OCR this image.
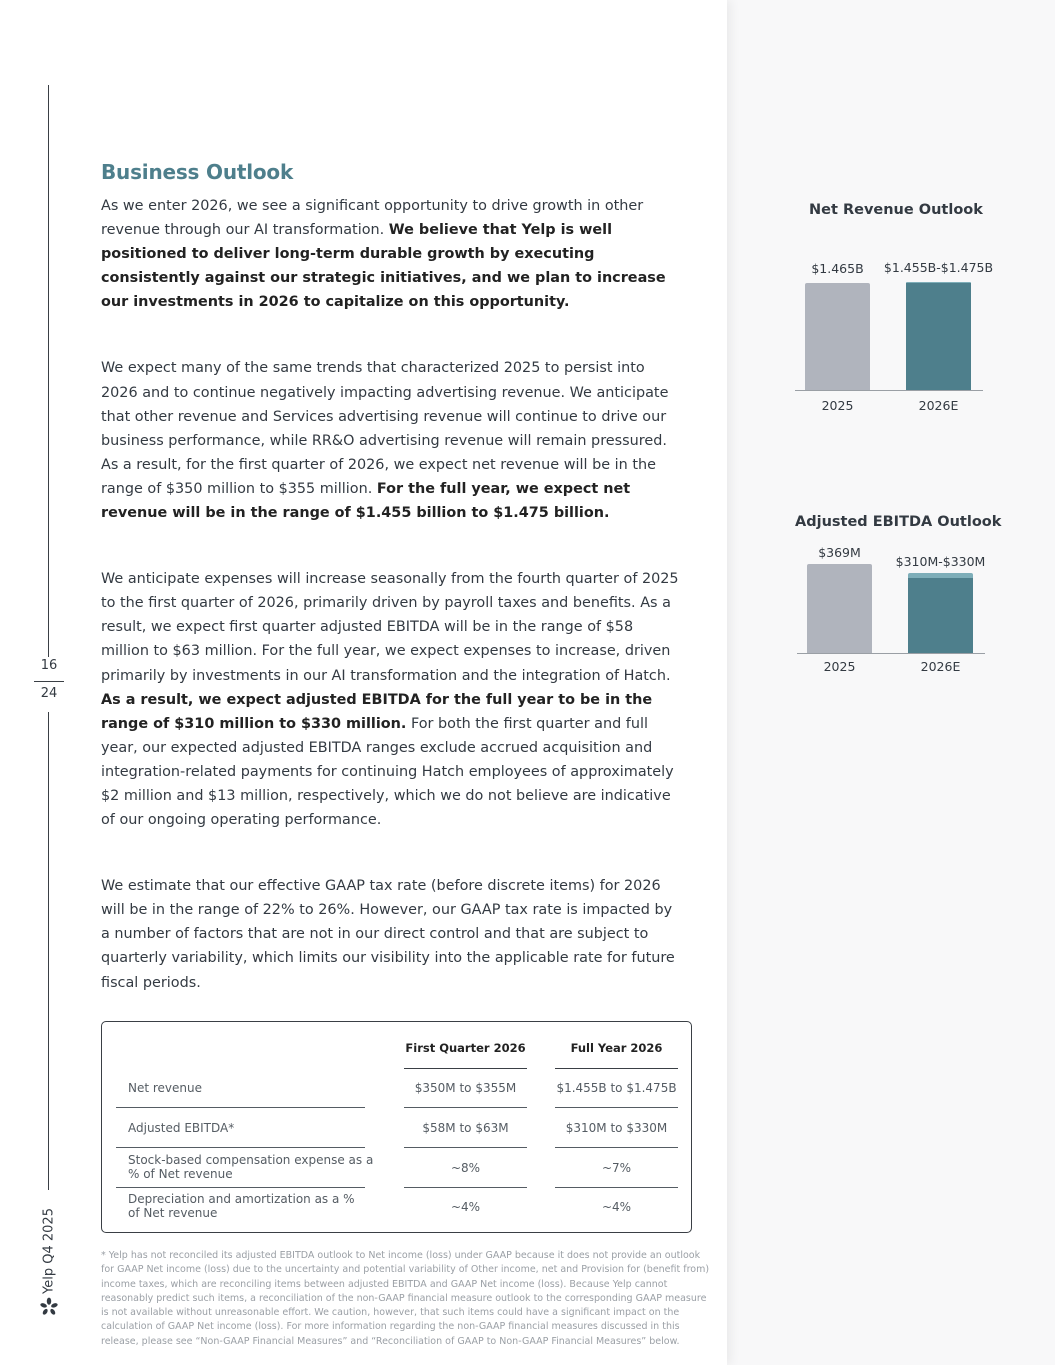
16
24
Yelp Q4 2025
Business Outlook

As we enter 2026, we see a significant opportunity to drive growth in other revenue through our AI transformation. We believe that Yelp is well positioned to deliver long-term durable growth by executing consistently against our strategic initiatives, and we plan to increase our investments in 2026 to capitalize on this opportunity.

We expect many of the same trends that characterized 2025 to persist into 2026 and to continue negatively impacting advertising revenue. We anticipate that other revenue and Services advertising revenue will continue to drive our business performance, while RR&O advertising revenue will remain pressured. As a result, for the first quarter of 2026, we expect net revenue will be in the range of $350 million to $355 million. For the full year, we expect net revenue will be in the range of $1.455 billion to $1.475 billion.

We anticipate expenses will increase seasonally from the fourth quarter of 2025 to the first quarter of 2026, primarily driven by payroll taxes and benefits. As a result, we expect first quarter adjusted EBITDA will be in the range of $58 million to $63 million. For the full year, we expect expenses to increase, driven primarily by investments in our AI transformation and the integration of Hatch. As a result, we expect adjusted EBITDA for the full year to be in the range of $310 million to $330 million. For both the first quarter and full year, our expected adjusted EBITDA ranges exclude accrued acquisition and integration-related payments for continuing Hatch employees of approximately $2 million and $13 million, respectively, which we do not believe are indicative of our ongoing operating performance.

We estimate that our effective GAAP tax rate (before discrete items) for 2026 will be in the range of 22% to 26%. However, our GAAP tax rate is impacted by a number of factors that are not in our direct control and that are subject to quarterly variability, which limits our visibility into the applicable rate for future fiscal periods.

First Quarter 2026	Full Year 2026
Net revenue	$350M to $355M	$1.455B to $1.475B
Adjusted EBITDA*	$58M to $63M	$310M to $330M
Stock-based compensation expense as a
% of Net revenue	~8%	~7%
Depreciation and amortization as a %
of Net revenue	~4%	~4%
* Yelp has not reconciled its adjusted EBITDA outlook to Net income (loss) under GAAP because it does not provide an outlook for GAAP Net income (loss) due to the uncertainty and potential variability of Other income, net and Provision for (benefit from) income taxes, which are reconciling items between adjusted EBITDA and GAAP Net income (loss). Because Yelp cannot reasonably predict such items, a reconciliation of the non-GAAP financial measure outlook to the corresponding GAAP measure is not available without unreasonable effort. We caution, however, that such items could have a significant impact on the calculation of GAAP Net income (loss). For more information regarding the non-GAAP financial measures discussed in this release, please see “Non-GAAP Financial Measures” and “Reconciliation of GAAP to Non-GAAP Financial Measures” below.
Net Revenue Outlook
$1.465B	$1.455B-$1.475B
2025	2026E
Adjusted EBITDA Outlook
$369M
$310M-$330M
2025	2026E
